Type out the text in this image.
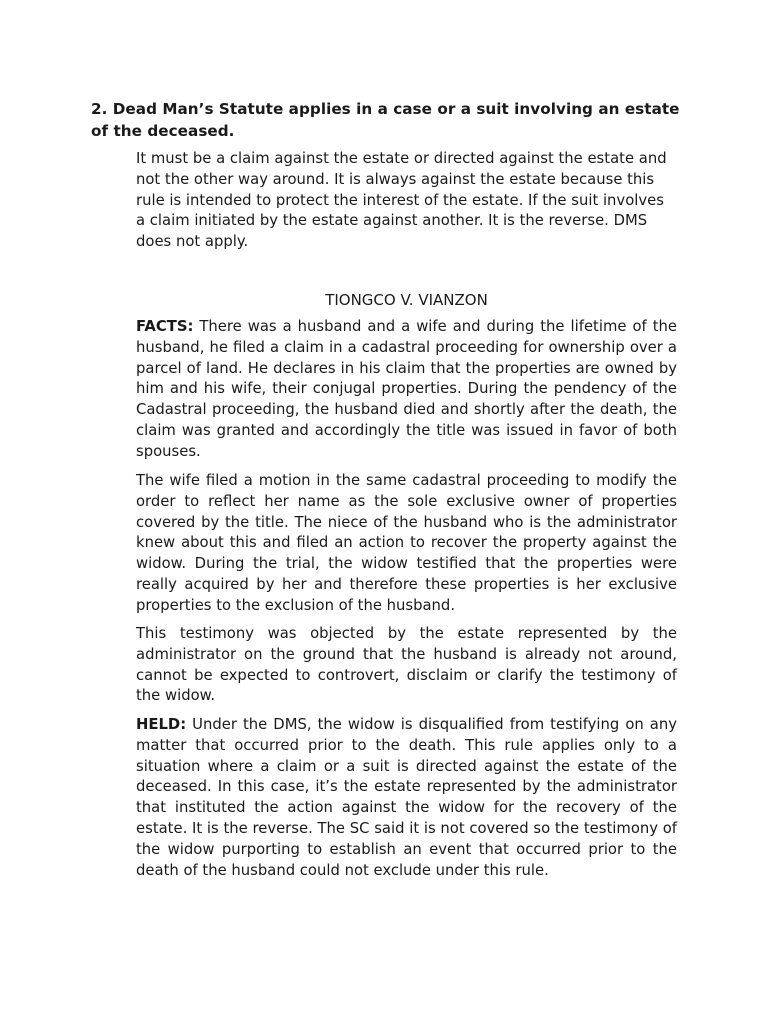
2. Dead Man’s Statute applies in a case or a suit involving an estate of the deceased.

It must be a claim against the estate or directed against the estate and not the other way around. It is always against the estate because this rule is intended to protect the interest of the estate. If the suit involves a claim initiated by the estate against another. It is the reverse. DMS does not apply.

TIONGCO V. VIANZON

FACTS: There was a husband and a wife and during the lifetime of the husband, he filed a claim in a cadastral proceeding for ownership over a parcel of land. He declares in his claim that the properties are owned by him and his wife, their conjugal properties. During the pendency of the Cadastral proceeding, the husband died and shortly after the death, the claim was granted and accordingly the title was issued in favor of both spouses.

The wife filed a motion in the same cadastral proceeding to modify the order to reflect her name as the sole exclusive owner of properties covered by the title. The niece of the husband who is the administrator knew about this and filed an action to recover the property against the widow. During the trial, the widow testified that the properties were really acquired by her and therefore these properties is her exclusive properties to the exclusion of the husband.

This testimony was objected by the estate represented by the administrator on the ground that the husband is already not around, cannot be expected to controvert, disclaim or clarify the testimony of the widow.

HELD: Under the DMS, the widow is disqualified from testifying on any matter that occurred prior to the death. This rule applies only to a situation where a claim or a suit is directed against the estate of the deceased. In this case, it’s the estate represented by the administrator that instituted the action against the widow for the recovery of the estate. It is the reverse. The SC said it is not covered so the testimony of the widow purporting to establish an event that occurred prior to the death of the husband could not exclude under this rule.
